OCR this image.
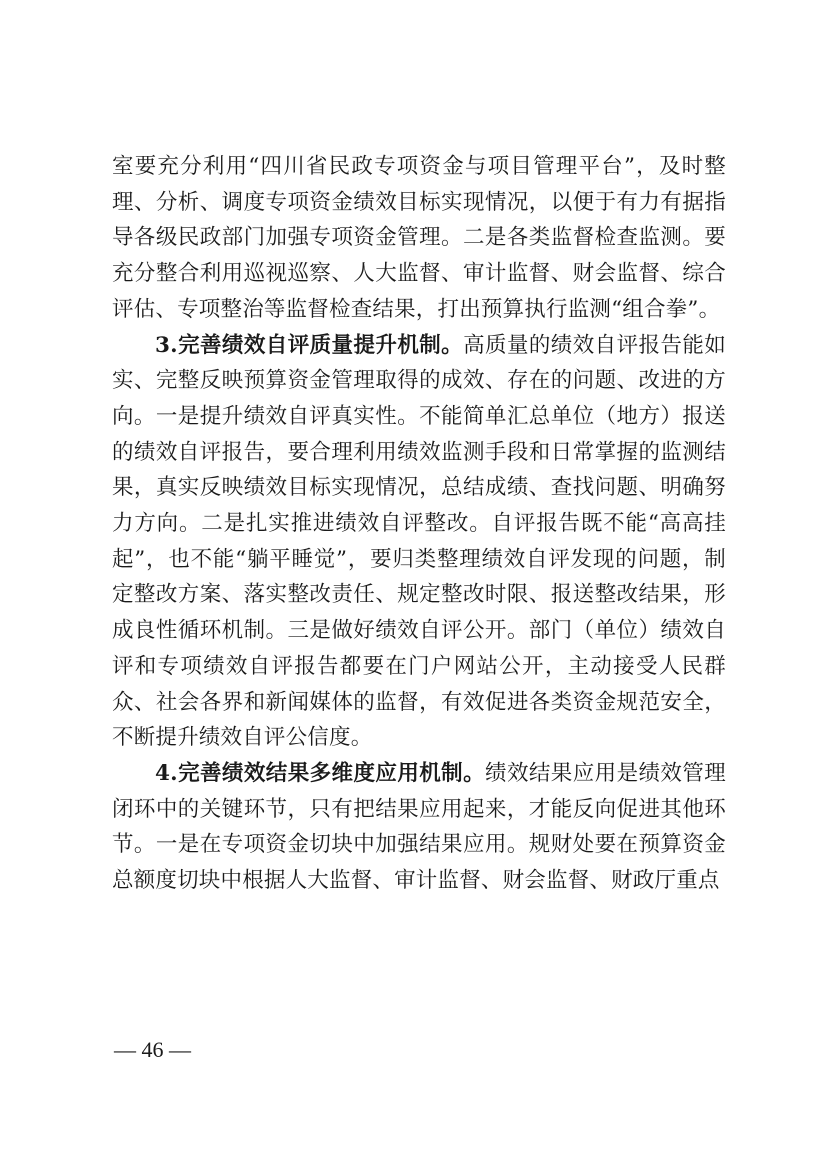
室要充分利用“四川省民政专项资金与项目管理平台”，及时整理、分析、调度专项资金绩效目标实现情况，以便于有力有据指导各级民政部门加强专项资金管理。二是各类监督检查监测。要充分整合利用巡视巡察、人大监督、审计监督、财会监督、综合评估、专项整治等监督检查结果，打出预算执行监测“组合拳”。

3.完善绩效自评质量提升机制。高质量的绩效自评报告能如实、完整反映预算资金管理取得的成效、存在的问题、改进的方向。一是提升绩效自评真实性。不能简单汇总单位（地方）报送的绩效自评报告，要合理利用绩效监测手段和日常掌握的监测结果，真实反映绩效目标实现情况，总结成绩、查找问题、明确努力方向。二是扎实推进绩效自评整改。自评报告既不能“高高挂起”，也不能“躺平睡觉”，要归类整理绩效自评发现的问题，制定整改方案、落实整改责任、规定整改时限、报送整改结果，形成良性循环机制。三是做好绩效自评公开。部门（单位）绩效自评和专项绩效自评报告都要在门户网站公开，主动接受人民群众、社会各界和新闻媒体的监督，有效促进各类资金规范安全，不断提升绩效自评公信度。

4.完善绩效结果多维度应用机制。绩效结果应用是绩效管理闭环中的关键环节，只有把结果应用起来，才能反向促进其他环节。一是在专项资金切块中加强结果应用。规财处要在预算资金总额度切块中根据人大监督、审计监督、财会监督、财政厅重点

— 46 —
